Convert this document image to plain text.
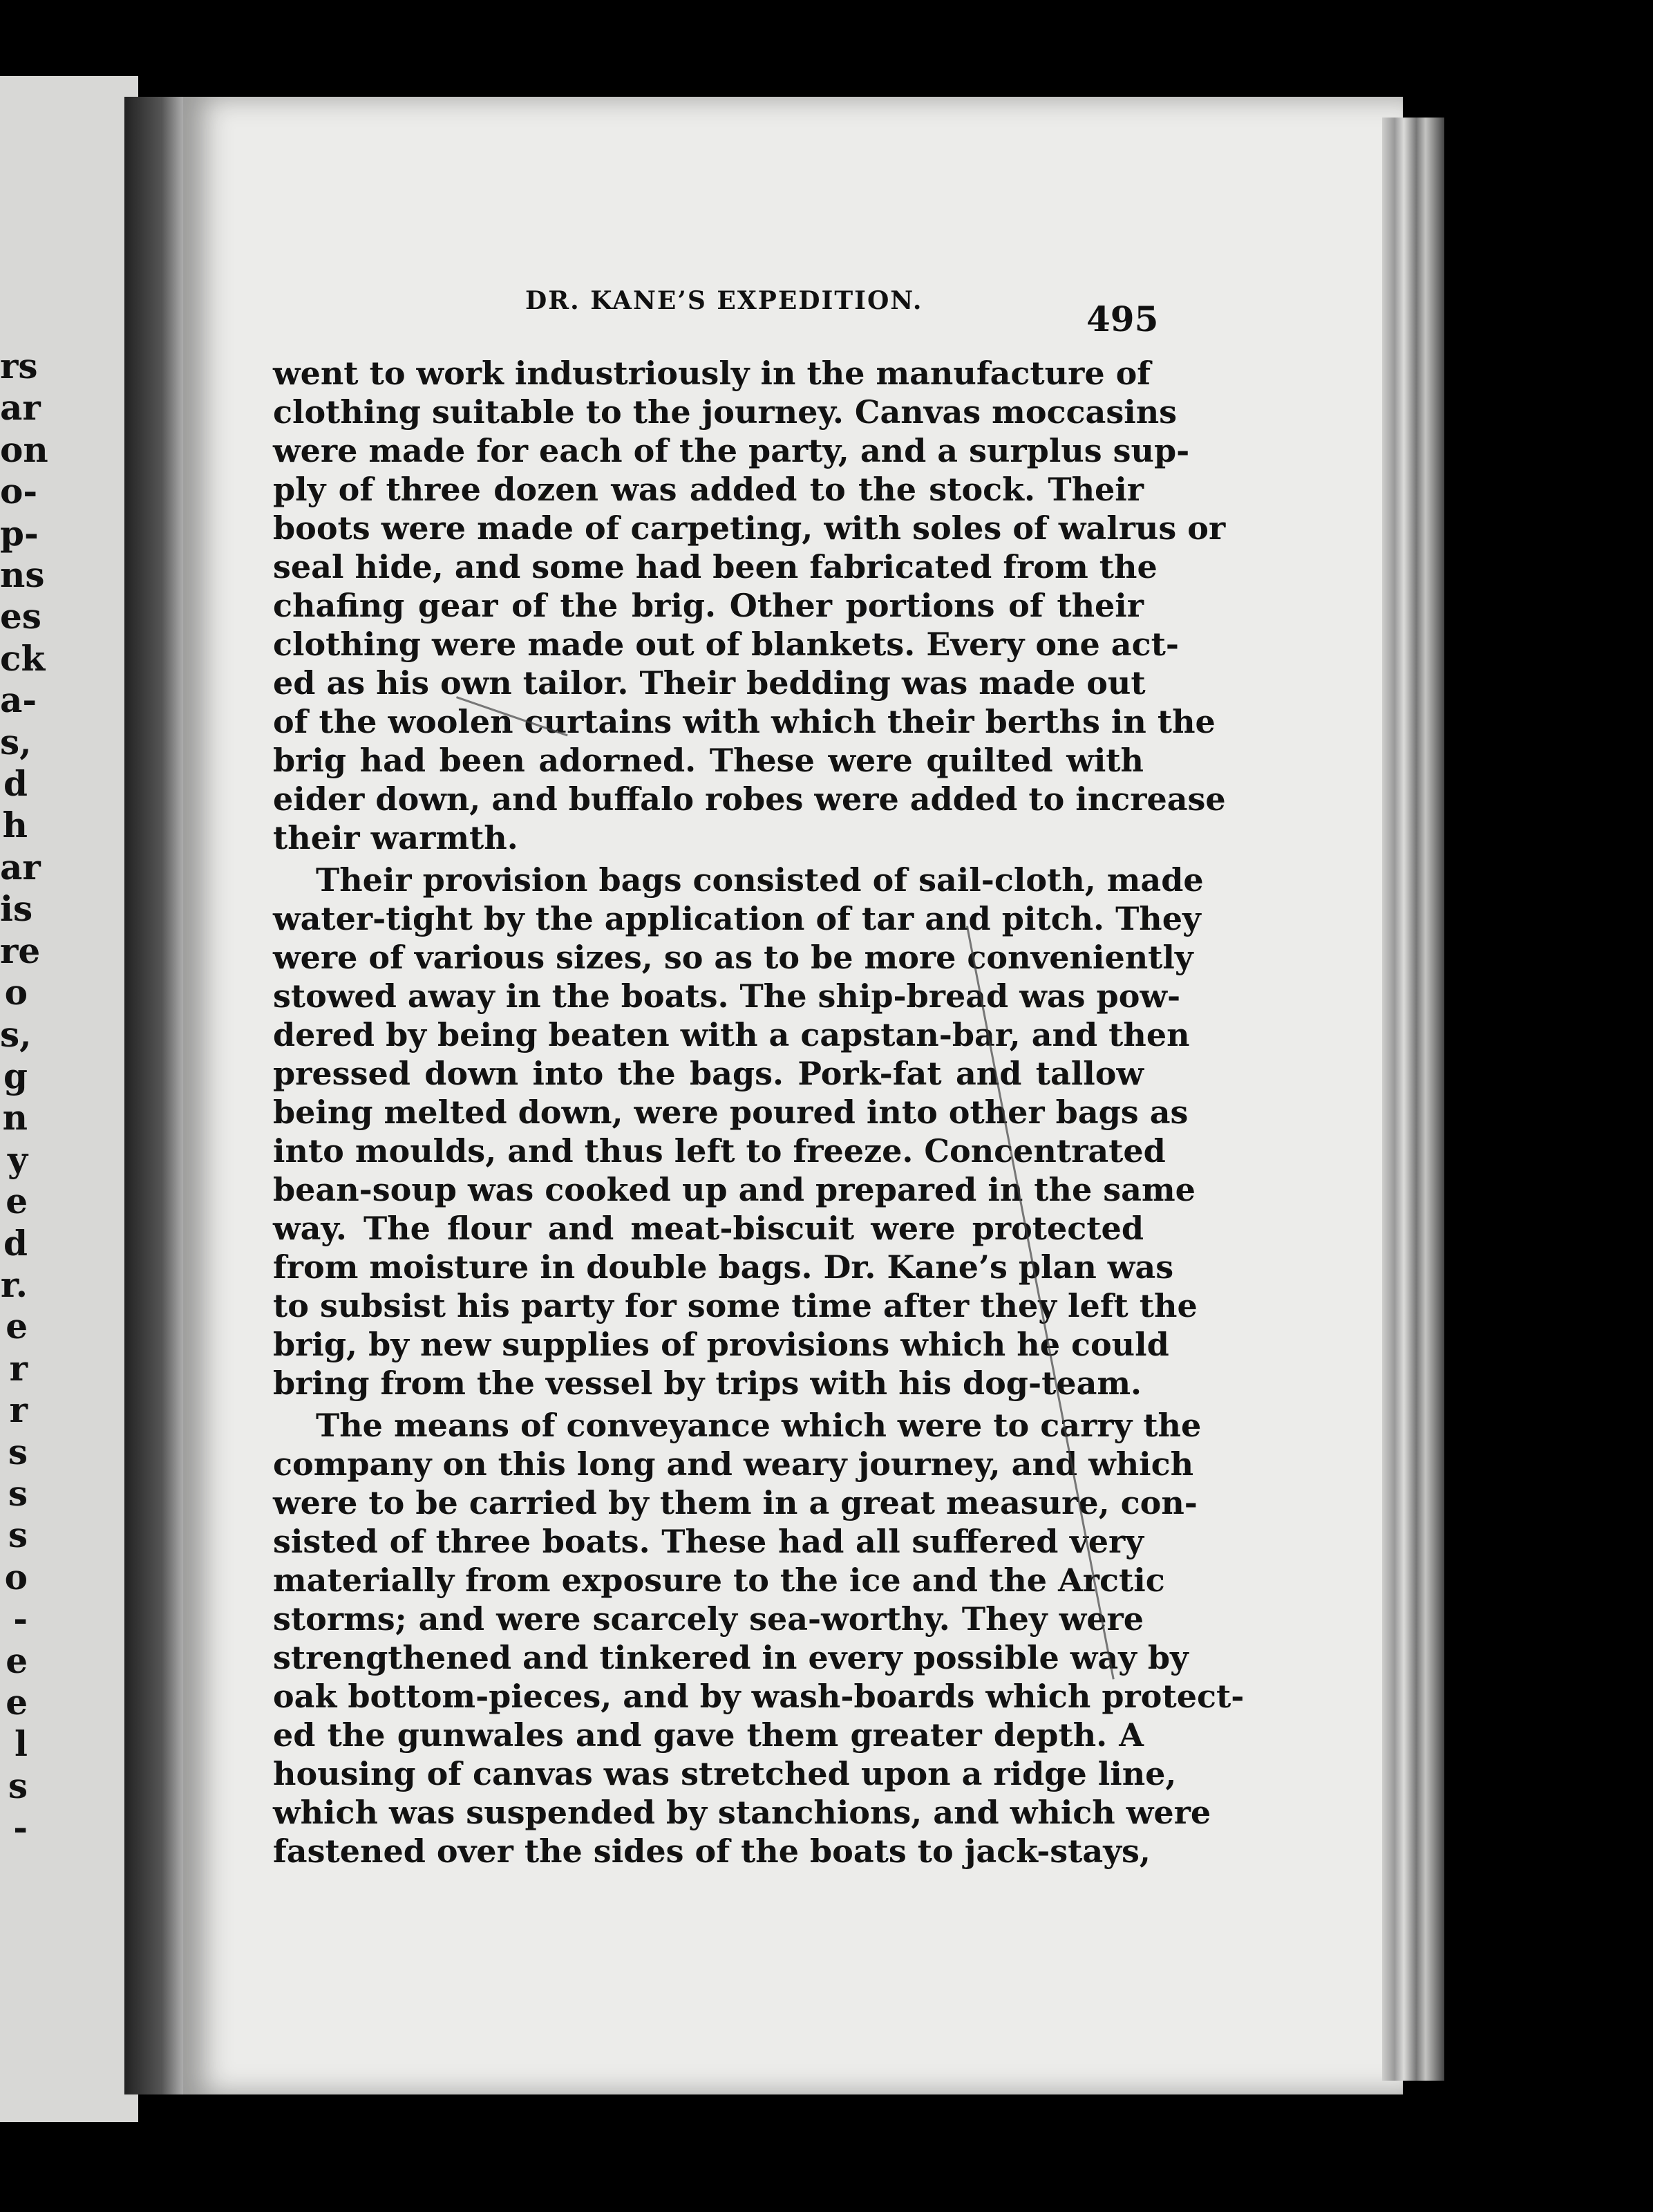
rs
ar
on
o-
p-
ns
es
ck
a-
s,
d
h
ar
is
re
o
s,
g
n
y
e
d
r.
e
r
r
s
s
s
o
-
e
e
l
s
-
DR. KANE’S EXPEDITION.	495
went to work industriously in the manufacture of
clothing suitable to the journey. Canvas moccasins
were made for each of the party, and a surplus sup-
ply of three dozen was added to the stock. Their
boots were made of carpeting, with soles of walrus or
seal hide, and some had been fabricated from the
chafing gear of the brig. Other portions of their
clothing were made out of blankets. Every one act-
ed as his own tailor. Their bedding was made out
of the woolen curtains with which their berths in the
brig had been adorned. These were quilted with
eider down, and buffalo robes were added to increase
their warmth.
Their provision bags consisted of sail-cloth, made
water-tight by the application of tar and pitch. They
were of various sizes, so as to be more conveniently
stowed away in the boats. The ship-bread was pow-
dered by being beaten with a capstan-bar, and then
pressed down into the bags. Pork-fat and tallow
being melted down, were poured into other bags as
into moulds, and thus left to freeze. Concentrated
bean-soup was cooked up and prepared in the same
way. The flour and meat-biscuit were protected
from moisture in double bags. Dr. Kane’s plan was
to subsist his party for some time after they left the
brig, by new supplies of provisions which he could
bring from the vessel by trips with his dog-team.
The means of conveyance which were to carry the
company on this long and weary journey, and which
were to be carried by them in a great measure, con-
sisted of three boats. These had all suffered very
materially from exposure to the ice and the Arctic
storms; and were scarcely sea-worthy. They were
strengthened and tinkered in every possible way by
oak bottom-pieces, and by wash-boards which protect-
ed the gunwales and gave them greater depth. A
housing of canvas was stretched upon a ridge line,
which was suspended by stanchions, and which were
fastened over the sides of the boats to jack-stays,
